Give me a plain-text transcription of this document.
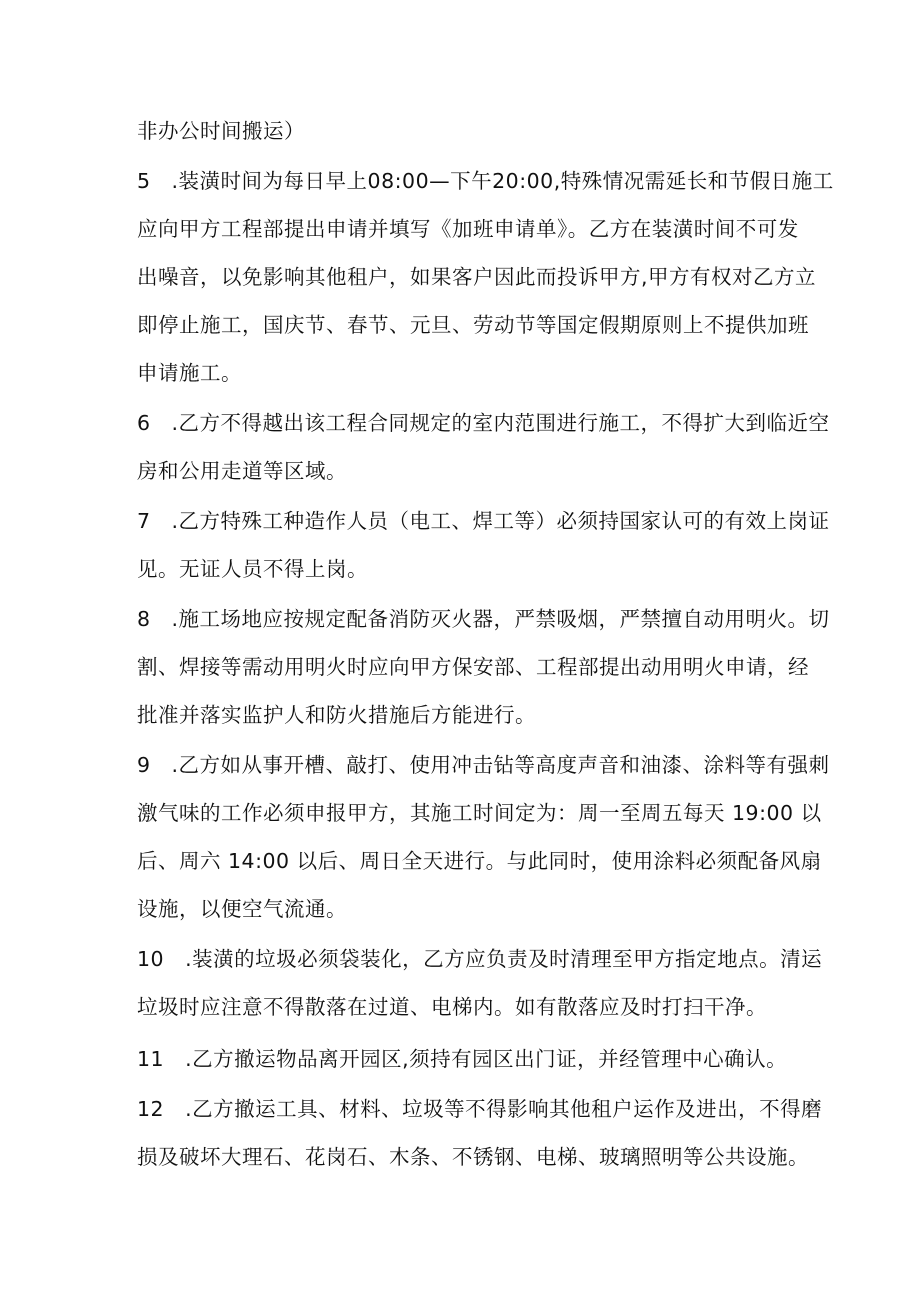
非办公时间搬运）
5　.装潢时间为每日早上08:00—下午20:00,特殊情况需延长和节假日施工
应向甲方工程部提出申请并填写《加班申请单》。乙方在装潢时间不可发
出噪音，以免影响其他租户，如果客户因此而投诉甲方,甲方有权对乙方立
即停止施工，国庆节、春节、元旦、劳动节等国定假期原则上不提供加班
申请施工。
6　.乙方不得越出该工程合同规定的室内范围进行施工，不得扩大到临近空
房和公用走道等区域。
7　.乙方特殊工种造作人员（电工、焊工等）必须持国家认可的有效上岗证
见。无证人员不得上岗。
8　.施工场地应按规定配备消防灭火器，严禁吸烟，严禁擅自动用明火。切
割、焊接等需动用明火时应向甲方保安部、工程部提出动用明火申请，经
批准并落实监护人和防火措施后方能进行。
9　.乙方如从事开槽、敲打、使用冲击钻等高度声音和油漆、涂料等有强刺
激气味的工作必须申报甲方，其施工时间定为：周一至周五每天 19:00 以
后、周六 14:00 以后、周日全天进行。与此同时，使用涂料必须配备风扇
设施，以便空气流通。
10　.装潢的垃圾必须袋装化，乙方应负责及时清理至甲方指定地点。清运
垃圾时应注意不得散落在过道、电梯内。如有散落应及时打扫干净。
11　.乙方撤运物品离开园区,须持有园区出门证，并经管理中心确认。
12　.乙方撤运工具、材料、垃圾等不得影响其他租户运作及进出，不得磨
损及破坏大理石、花岗石、木条、不锈钢、电梯、玻璃照明等公共设施。
